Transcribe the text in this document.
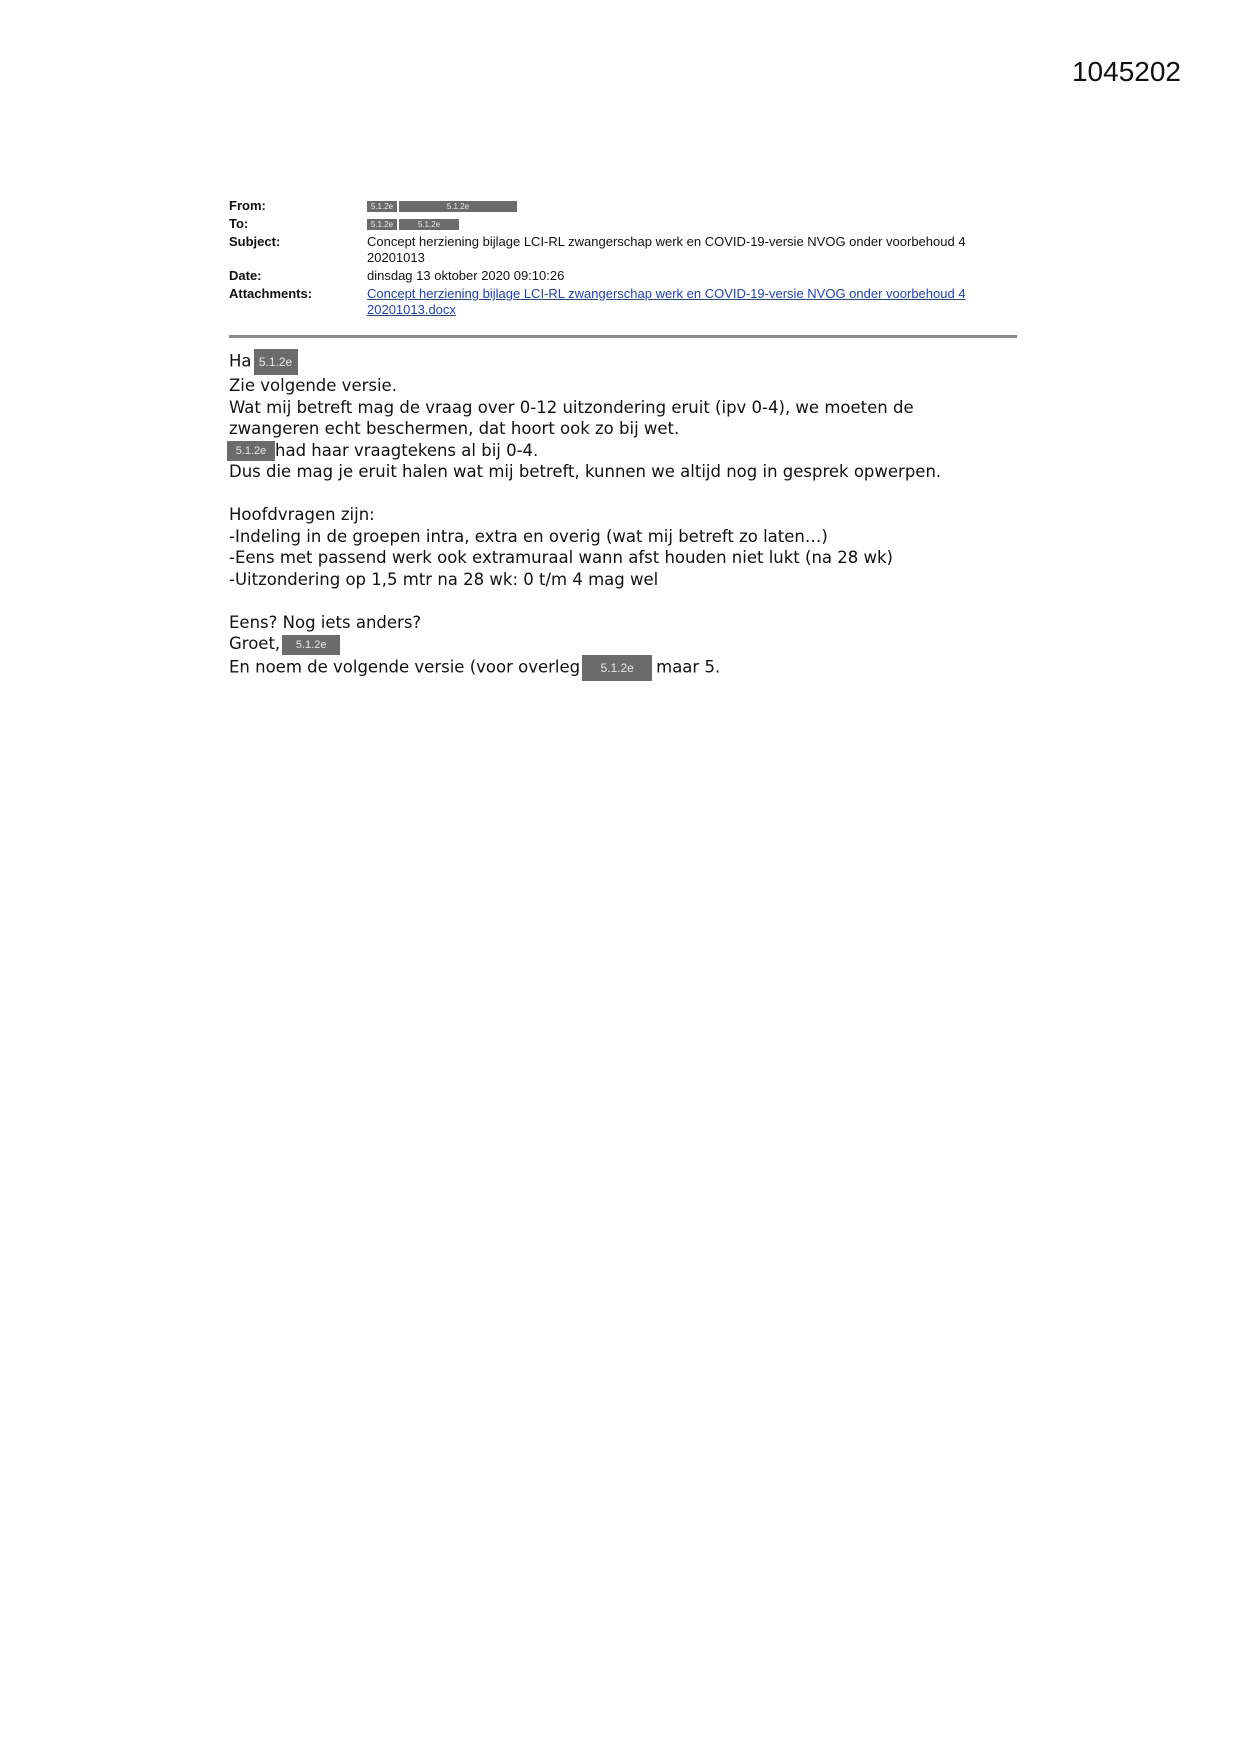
1045202
From:	5.1.2e 5.1.2e
To:	5.1.2e 5.1.2e
Subject:	Concept herziening bijlage LCI-RL zwangerschap werk en COVID-19-versie NVOG onder voorbehoud 4
20201013

Date:	dinsdag 13 oktober 2020 09:10:26
Attachments:	Concept herziening bijlage LCI-RL zwangerschap werk en COVID-19-versie NVOG onder voorbehoud 4
20201013.docx
Ha 5.1.2e
Zie volgende versie.
Wat mij betreft mag de vraag over 0-12 uitzondering eruit (ipv 0-4), we moeten de
zwangeren echt beschermen, dat hoort ook zo bij wet.
5.1.2e had haar vraagtekens al bij 0-4.
Dus die mag je eruit halen wat mij betreft, kunnen we altijd nog in gesprek opwerpen.
Hoofdvragen zijn:
-Indeling in de groepen intra, extra en overig (wat mij betreft zo laten…)
-Eens met passend werk ook extramuraal wann afst houden niet lukt (na 28 wk)
-Uitzondering op 1,5 mtr na 28 wk: 0 t/m 4 mag wel
Eens? Nog iets anders?
Groet, 5.1.2e
En noem de volgende versie (voor overleg 5.1.2e maar 5.
